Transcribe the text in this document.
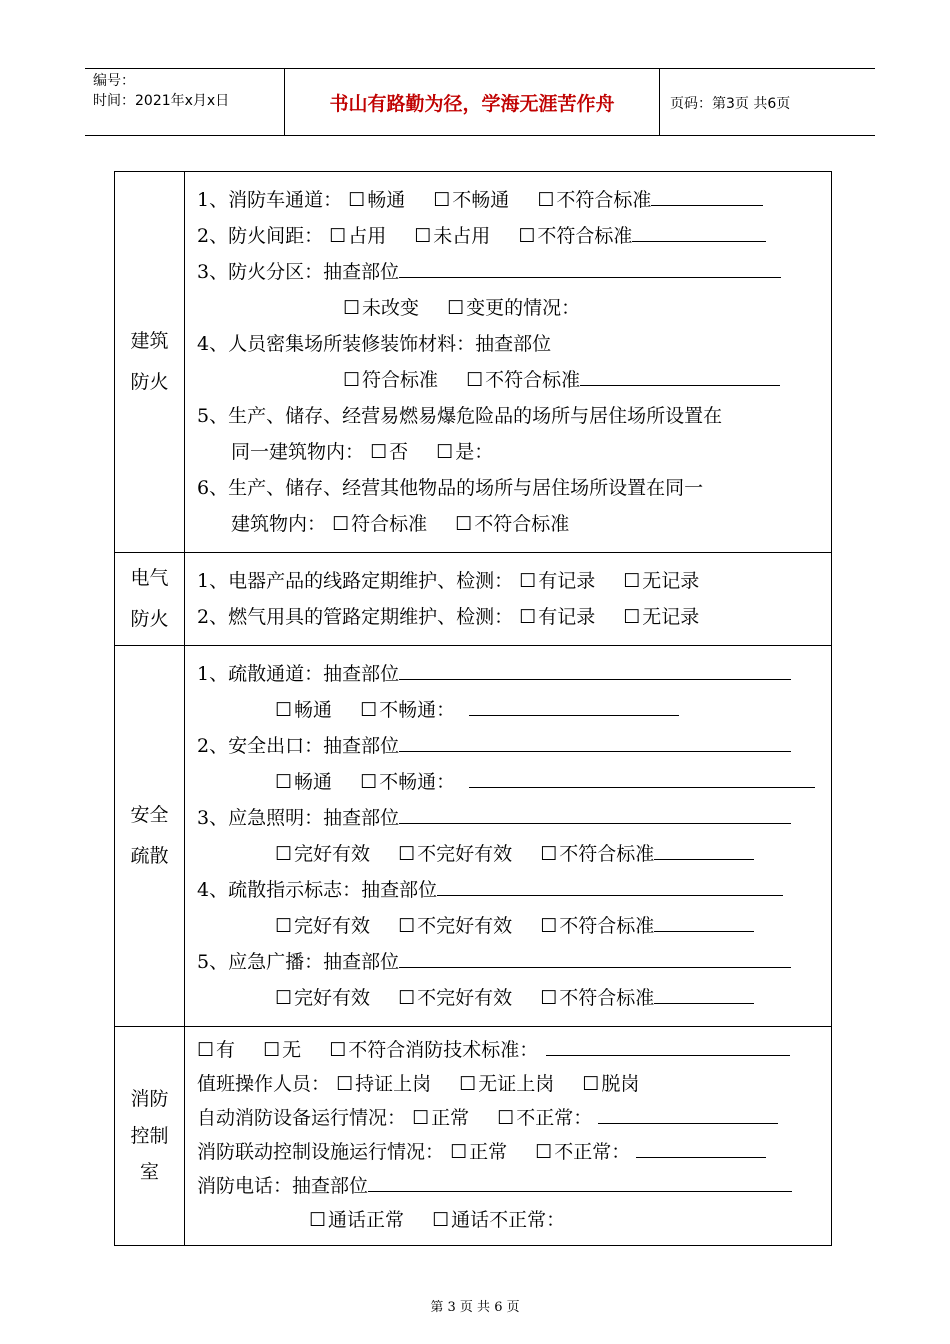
编号：
时间：2021年x月x日	书山有路勤为径，学海无涯苦作舟	页码：第3页 共6页
建筑
防火
1、消防车通道： ☐ 畅通 ☐ 不畅通 ☐ 不符合标准
2、防火间距： ☐ 占用 ☐ 未占用 ☐ 不符合标准
3、防火分区：抽查部位
☐ 未改变 ☐ 变更的情况：
4、人员密集场所装修装饰材料：抽查部位
☐ 符合标准 ☐ 不符合标准
5、生产、储存、经营易燃易爆危险品的场所与居住场所设置在
同一建筑物内： ☐ 否 ☐ 是：
6、生产、储存、经营其他物品的场所与居住场所设置在同一
建筑物内： ☐ 符合标准 ☐ 不符合标准
电气
防火
1、电器产品的线路定期维护、检测： ☐ 有记录 ☐ 无记录
2、燃气用具的管路定期维护、检测： ☐ 有记录 ☐ 无记录
安全
疏散
1、疏散通道：抽查部位
☐ 畅通 ☐ 不畅通：
2、安全出口：抽查部位
☐ 畅通 ☐ 不畅通：
3、应急照明：抽查部位
☐ 完好有效 ☐ 不完好有效 ☐ 不符合标准
4、疏散指示标志：抽查部位
☐ 完好有效 ☐ 不完好有效 ☐ 不符合标准
5、应急广播：抽查部位
☐ 完好有效 ☐ 不完好有效 ☐ 不符合标准
消防
控制
室
☐ 有 ☐ 无 ☐ 不符合消防技术标准：
值班操作人员： ☐ 持证上岗 ☐ 无证上岗 ☐ 脱岗
自动消防设备运行情况： ☐ 正常 ☐ 不正常：
消防联动控制设施运行情况： ☐ 正常 ☐ 不正常：
消防电话：抽查部位
☐ 通话正常 ☐ 通话不正常：
第 3 页 共 6 页
